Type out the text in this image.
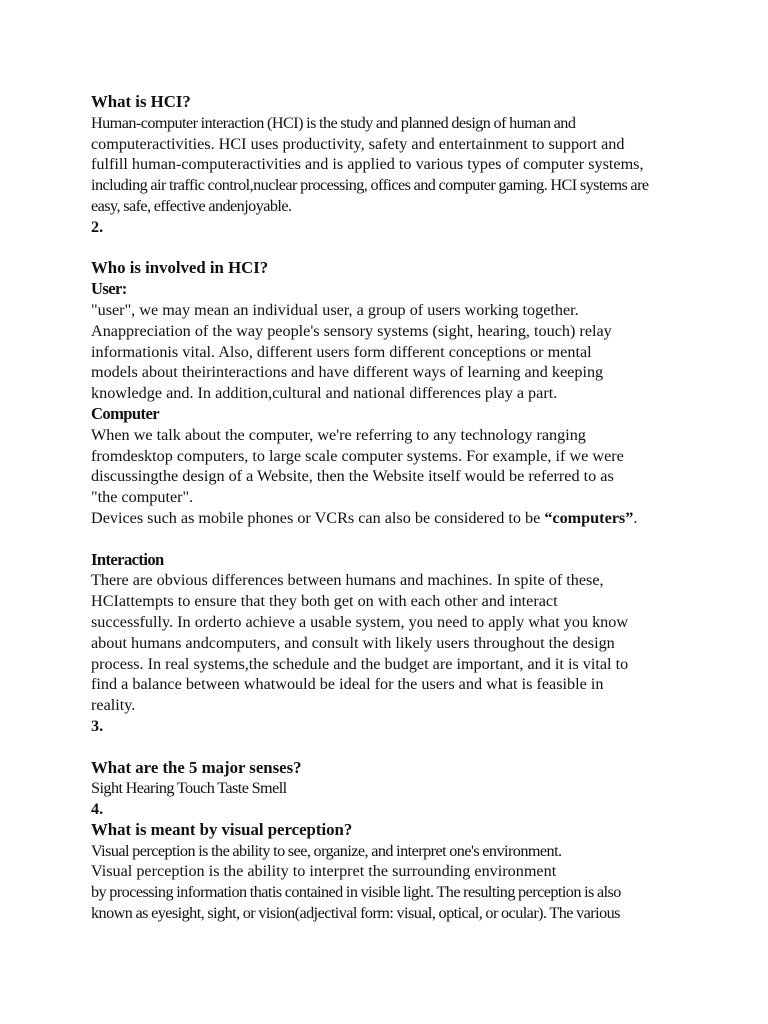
What is HCI?
Human-computer interaction (HCI) is the study and planned design of human and
computeractivities. HCI uses productivity, safety and entertainment to support and
fulfill human-computeractivities and is applied to various types of computer systems,
including air traffic control,nuclear processing, offices and computer gaming. HCI systems are
easy, safe, effective andenjoyable.
2.
Who is involved in HCI?
User:
"user", we may mean an individual user, a group of users working together.
Anappreciation of the way people's sensory systems (sight, hearing, touch) relay
informationis vital. Also, different users form different conceptions or mental
models about theirinteractions and have different ways of learning and keeping
knowledge and. In addition,cultural and national differences play a part.
Computer
When we talk about the computer, we're referring to any technology ranging
fromdesktop computers, to large scale computer systems. For example, if we were
discussingthe design of a Website, then the Website itself would be referred to as
"the computer".
Devices such as mobile phones or VCRs can also be considered to be “computers”.
Interaction
There are obvious differences between humans and machines. In spite of these,
HCIattempts to ensure that they both get on with each other and interact
successfully. In orderto achieve a usable system, you need to apply what you know
about humans andcomputers, and consult with likely users throughout the design
process. In real systems,the schedule and the budget are important, and it is vital to
find a balance between whatwould be ideal for the users and what is feasible in
reality.
3.
What are the 5 major senses?
Sight Hearing Touch Taste Smell
4.
What is meant by visual perception?
Visual perception is the ability to see, organize, and interpret one's environment.
Visual perception is the ability to interpret the surrounding environment
by processing information thatis contained in visible light. The resulting perception is also
known as eyesight, sight, or vision(adjectival form: visual, optical, or ocular). The various
